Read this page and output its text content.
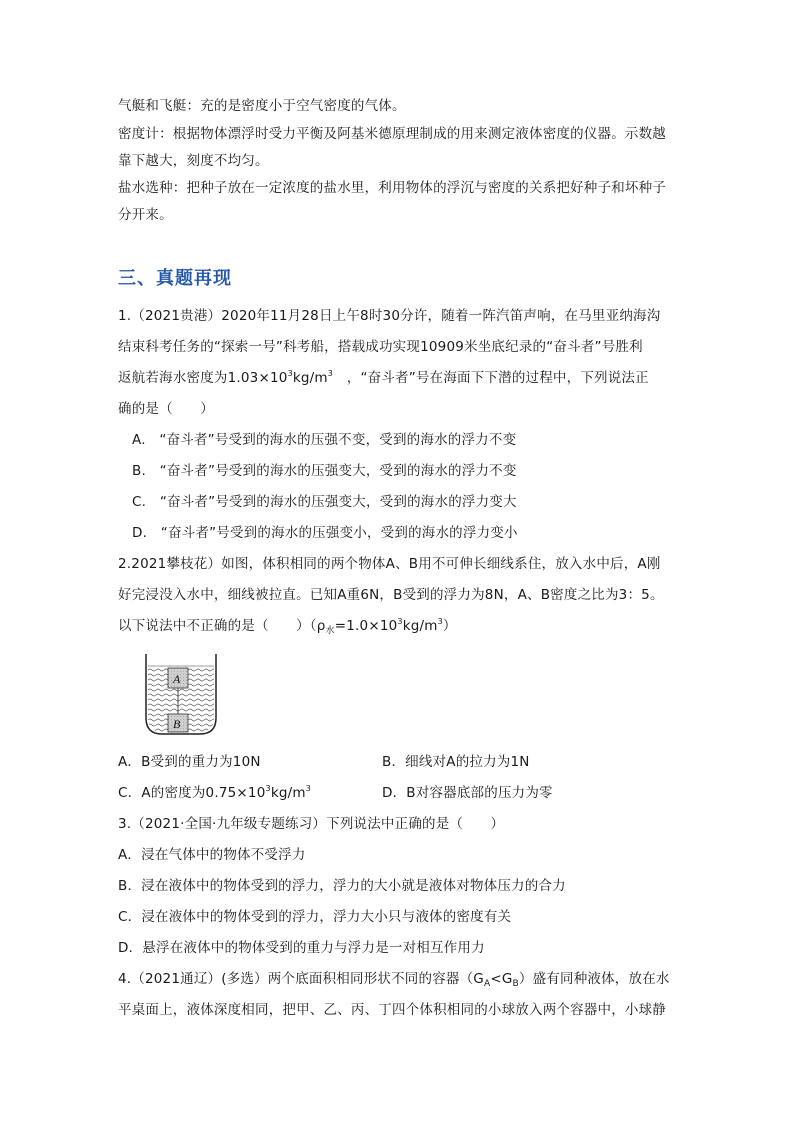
气艇和飞艇：充的是密度小于空气密度的气体。
密度计：根据物体漂浮时受力平衡及阿基米德原理制成的用来测定液体密度的仪器。示数越
靠下越大，刻度不均匀。
盐水选种：把种子放在一定浓度的盐水里，利用物体的浮沉与密度的关系把好种子和坏种子
分开来。
三、真题再现
1.（2021贵港）2020年11月28日上午8时30分许，随着一阵汽笛声响，在马里亚纳海沟
结束科考任务的“探索一号”科考船，搭载成功实现10909米坐底纪录的“奋斗者”号胜利
返航若海水密度为$1.03\times 10^3kg/m^3$　，“奋斗者”号在海面下下潜的过程中，下列说法正
确的是（　　）
A.　“奋斗者”号受到的海水的压强不变，受到的海水的浮力不变
B.　“奋斗者”号受到的海水的压强变大，受到的海水的浮力不变
C.　“奋斗者”号受到的海水的压强变大，受到的海水的浮力变大
D.　“奋斗者”号受到的海水的压强变小，受到的海水的浮力变小
2.2021攀枝花）如图，体积相同的两个物体A、B用不可伸长细线系住，放入水中后，A刚
好完浸没入水中，细线被拉直。已知A重6N，B受到的浮力为8N，A、B密度之比为3：5。
以下说法中不正确的是（　　）$(\rho_水=1.0\times 10^3kg/m^3)$
A
B
A．B受到的重力为10N	B．细线对A的拉力为1N
C．A的密度为$0.75\times 10^3kg/m^3$	D．B对容器底部的压力为零
3.（2021·全国·九年级专题练习）下列说法中正确的是（　　）
A．浸在气体中的物体不受浮力
B．浸在液体中的物体受到的浮力，浮力的大小就是液体对物体压力的合力
C．浸在液体中的物体受到的浮力，浮力大小只与液体的密度有关
D．悬浮在液体中的物体受到的重力与浮力是一对相互作用力
4.（2021通辽）(多选）两个底面积相同形状不同的容器$(G_A<G_B)$盛有同种液体，放在水
平桌面上，液体深度相同，把甲、乙、丙、丁四个体积相同的小球放入两个容器中，小球静
